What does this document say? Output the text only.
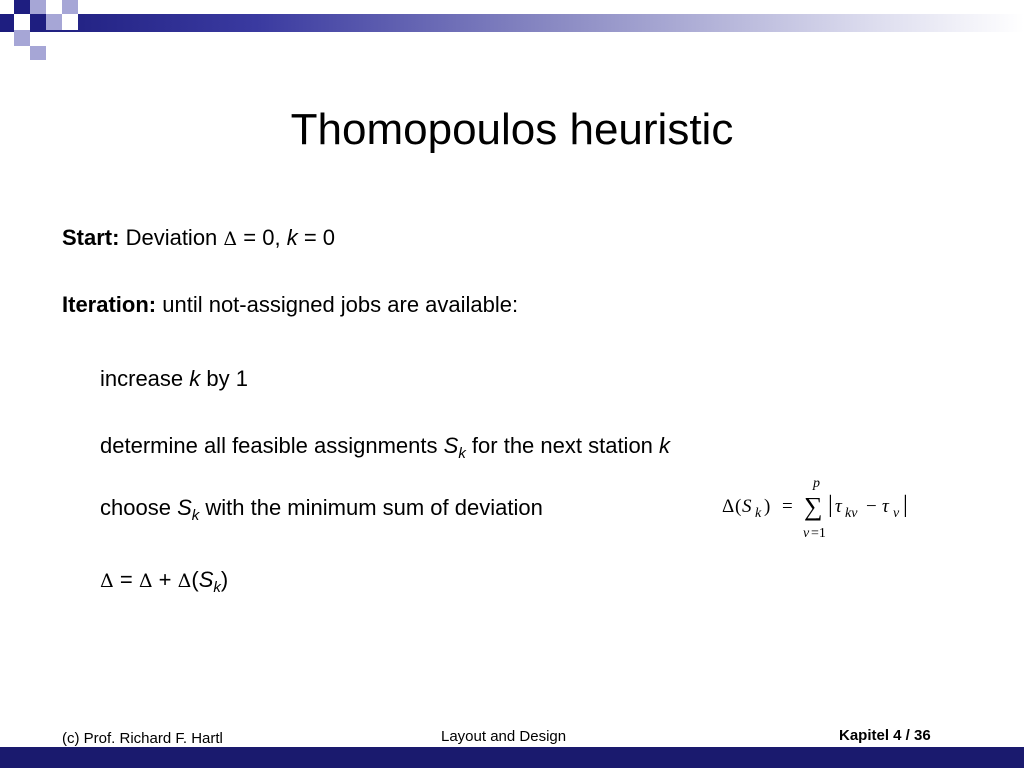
Thomopoulos heuristic
Start: Deviation Δ = 0, k = 0
Iteration: until not-assigned jobs are available:
increase k by 1
determine all feasible assignments $S_k$ for the next station k
choose $S_k$ with the minimum sum of deviation	Δ ( S k ) =
p
∑
v =1
| τ kv − τ v |
$\Delta = \Delta + \Delta(S_k)$
(c) Prof. Richard F. Hartl	Layout and Design	Kapitel 4 / 36
